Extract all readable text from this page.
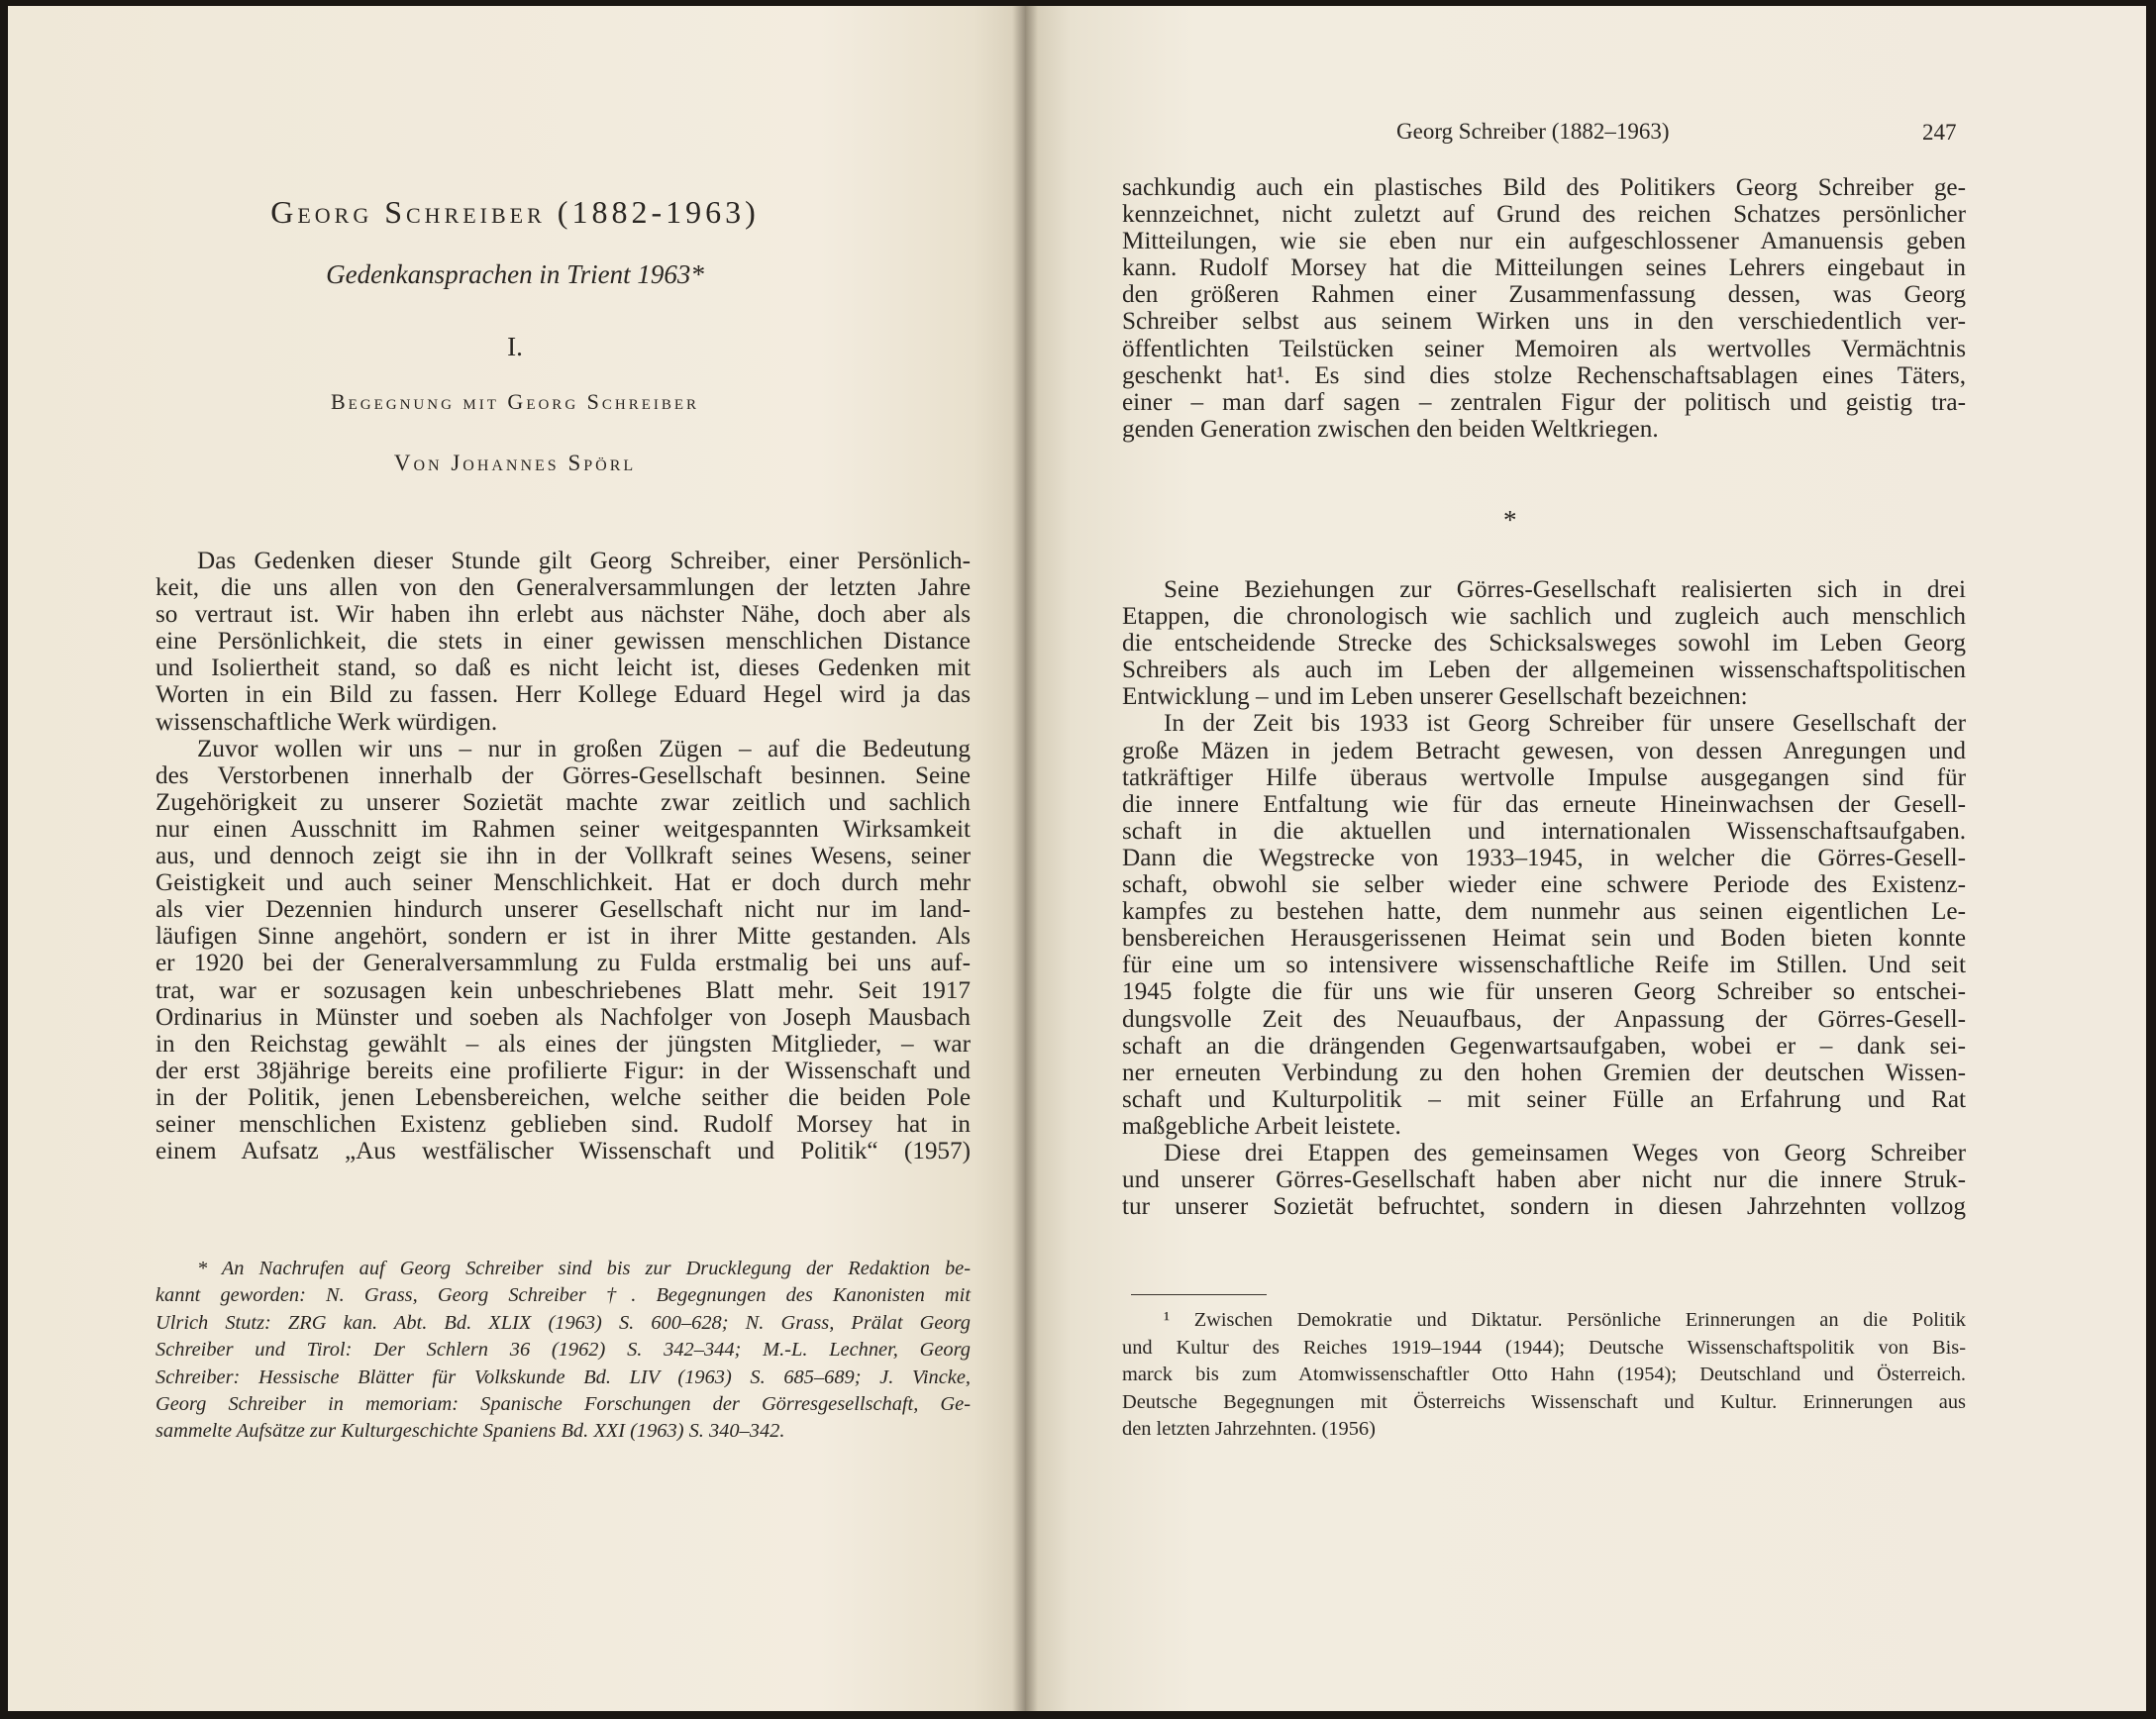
Georg Schreiber (1882-1963)
Gedenkansprachen in Trient 1963*
I.
Begegnung mit Georg Schreiber
Von Johannes Spörl
Das Gedenken dieser Stunde gilt Georg Schreiber, einer Persönlich-
keit, die uns allen von den Generalversammlungen der letzten Jahre
so vertraut ist. Wir haben ihn erlebt aus nächster Nähe, doch aber als
eine Persönlichkeit, die stets in einer gewissen menschlichen Distance
und Isoliertheit stand, so daß es nicht leicht ist, dieses Gedenken mit
Worten in ein Bild zu fassen. Herr Kollege Eduard Hegel wird ja das
wissenschaftliche Werk würdigen.
Zuvor wollen wir uns – nur in großen Zügen – auf die Bedeutung
des Verstorbenen innerhalb der Görres-Gesellschaft besinnen. Seine
Zugehörigkeit zu unserer Sozietät machte zwar zeitlich und sachlich
nur einen Ausschnitt im Rahmen seiner weitgespannten Wirksamkeit
aus, und dennoch zeigt sie ihn in der Vollkraft seines Wesens, seiner
Geistigkeit und auch seiner Menschlichkeit. Hat er doch durch mehr
als vier Dezennien hindurch unserer Gesellschaft nicht nur im land-
läufigen Sinne angehört, sondern er ist in ihrer Mitte gestanden. Als
er 1920 bei der Generalversammlung zu Fulda erstmalig bei uns auf-
trat, war er sozusagen kein unbeschriebenes Blatt mehr. Seit 1917
Ordinarius in Münster und soeben als Nachfolger von Joseph Mausbach
in den Reichstag gewählt – als eines der jüngsten Mitglieder, – war
der erst 38jährige bereits eine profilierte Figur: in der Wissenschaft und
in der Politik, jenen Lebensbereichen, welche seither die beiden Pole
seiner menschlichen Existenz geblieben sind. Rudolf Morsey hat in
einem Aufsatz „Aus westfälischer Wissenschaft und Politik“ (1957)
* An Nachrufen auf Georg Schreiber sind bis zur Drucklegung der Redaktion be-
kannt geworden: N. Grass, Georg Schreiber †. Begegnungen des Kanonisten mit
Ulrich Stutz: ZRG kan. Abt. Bd. XLIX (1963) S. 600–628; N. Grass, Prälat Georg
Schreiber und Tirol: Der Schlern 36 (1962) S. 342–344; M.-L. Lechner, Georg
Schreiber: Hessische Blätter für Volkskunde Bd. LIV (1963) S. 685–689; J. Vincke,
Georg Schreiber in memoriam: Spanische Forschungen der Görresgesellschaft, Ge-
sammelte Aufsätze zur Kulturgeschichte Spaniens Bd. XXI (1963) S. 340–342.
Georg Schreiber (1882–1963)	247
sachkundig auch ein plastisches Bild des Politikers Georg Schreiber ge-
kennzeichnet, nicht zuletzt auf Grund des reichen Schatzes persönlicher
Mitteilungen, wie sie eben nur ein aufgeschlossener Amanuensis geben
kann. Rudolf Morsey hat die Mitteilungen seines Lehrers eingebaut in
den größeren Rahmen einer Zusammenfassung dessen, was Georg
Schreiber selbst aus seinem Wirken uns in den verschiedentlich ver-
öffentlichten Teilstücken seiner Memoiren als wertvolles Vermächtnis
geschenkt hat¹. Es sind dies stolze Rechenschaftsablagen eines Täters,
einer – man darf sagen – zentralen Figur der politisch und geistig tra-
genden Generation zwischen den beiden Weltkriegen.
*
Seine Beziehungen zur Görres-Gesellschaft realisierten sich in drei
Etappen, die chronologisch wie sachlich und zugleich auch menschlich
die entscheidende Strecke des Schicksalsweges sowohl im Leben Georg
Schreibers als auch im Leben der allgemeinen wissenschaftspolitischen
Entwicklung – und im Leben unserer Gesellschaft bezeichnen:
In der Zeit bis 1933 ist Georg Schreiber für unsere Gesellschaft der
große Mäzen in jedem Betracht gewesen, von dessen Anregungen und
tatkräftiger Hilfe überaus wertvolle Impulse ausgegangen sind für
die innere Entfaltung wie für das erneute Hineinwachsen der Gesell-
schaft in die aktuellen und internationalen Wissenschaftsaufgaben.
Dann die Wegstrecke von 1933–1945, in welcher die Görres-Gesell-
schaft, obwohl sie selber wieder eine schwere Periode des Existenz-
kampfes zu bestehen hatte, dem nunmehr aus seinen eigentlichen Le-
bensbereichen Herausgerissenen Heimat sein und Boden bieten konnte
für eine um so intensivere wissenschaftliche Reife im Stillen. Und seit
1945 folgte die für uns wie für unseren Georg Schreiber so entschei-
dungsvolle Zeit des Neuaufbaus, der Anpassung der Görres-Gesell-
schaft an die drängenden Gegenwartsaufgaben, wobei er – dank sei-
ner erneuten Verbindung zu den hohen Gremien der deutschen Wissen-
schaft und Kulturpolitik – mit seiner Fülle an Erfahrung und Rat
maßgebliche Arbeit leistete.
Diese drei Etappen des gemeinsamen Weges von Georg Schreiber
und unserer Görres-Gesellschaft haben aber nicht nur die innere Struk-
tur unserer Sozietät befruchtet, sondern in diesen Jahrzehnten vollzog
¹ Zwischen Demokratie und Diktatur. Persönliche Erinnerungen an die Politik
und Kultur des Reiches 1919–1944 (1944); Deutsche Wissenschaftspolitik von Bis-
marck bis zum Atomwissenschaftler Otto Hahn (1954); Deutschland und Österreich.
Deutsche Begegnungen mit Österreichs Wissenschaft und Kultur. Erinnerungen aus
den letzten Jahrzehnten. (1956)
